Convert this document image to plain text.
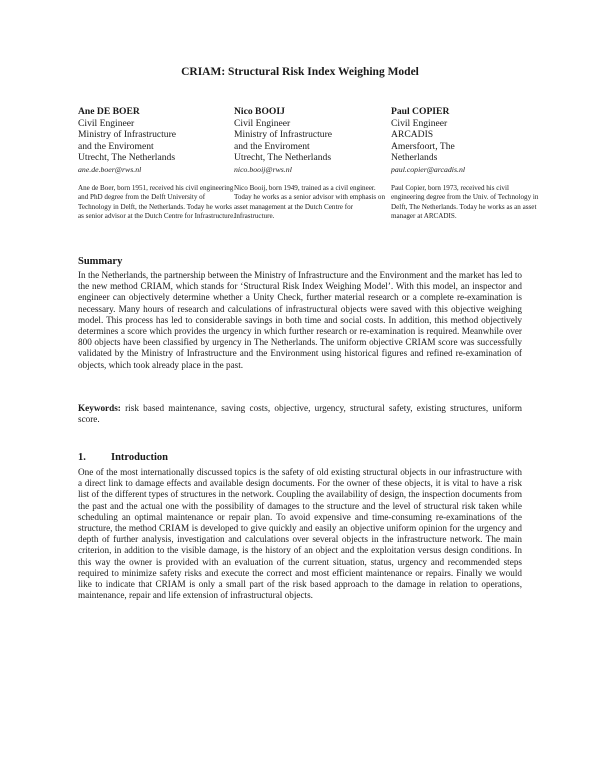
CRIAM: Structural Risk Index Weighing Model
Ane DE BOER
Civil Engineer
Ministry of Infrastructure
and the Enviroment
Utrecht, The Netherlands
ane.de.boer@rws.nl
Ane de Boer, born 1951, received his civil engineering and PhD degree from the Delft University of Technology in Delft, the Netherlands. Today he works as senior advisor at the Dutch Centre for Infrastructure.
Nico BOOIJ
Civil Engineer
Ministry of Infrastructure
and the Enviroment
Utrecht, The Netherlands
nico.booij@rws.nl
Nico Booij, born 1949, trained as a civil engineer. Today he works as a senior advisor with emphasis on asset management at the Dutch Centre for Infrastructure.
Paul COPIER
Civil Engineer
ARCADIS
Amersfoort, The
Netherlands
paul.copier@arcadis.nl
Paul Copier, born 1973, received his civil engineering degree from the Univ. of Technology in Delft, The Netherlands. Today he works as an asset manager at ARCADIS.
Summary

In the Netherlands, the partnership between the Ministry of Infrastructure and the Environment and the market has led to the new method CRIAM, which stands for ‘Structural Risk Index Weighing Model’. With this model, an inspector and engineer can objectively determine whether a Unity Check, further material research or a complete re-examination is necessary. Many hours of research and calculations of infrastructural objects were saved with this objective weighing model. This process has led to considerable savings in both time and social costs. In addition, this method objectively determines a score which provides the urgency in which further research or re-examination is required. Meanwhile over 800 objects have been classified by urgency in The Netherlands. The uniform objective CRIAM score was successfully validated by the Ministry of Infrastructure and the Environment using historical figures and refined re-examination of objects, which took already place in the past.

Keywords: risk based maintenance, saving costs, objective, urgency, structural safety, existing structures, uniform score.

1. Introduction

One of the most internationally discussed topics is the safety of old existing structural objects in our infrastructure with a direct link to damage effects and available design documents. For the owner of these objects, it is vital to have a risk list of the different types of structures in the network. Coupling the availability of design, the inspection documents from the past and the actual one with the possibility of damages to the structure and the level of structural risk taken while scheduling an optimal maintenance or repair plan. To avoid expensive and time-consuming re-examinations of the structure, the method CRIAM is developed to give quickly and easily an objective uniform opinion for the urgency and depth of further analysis, investigation and calculations over several objects in the infrastructure network. The main criterion, in addition to the visible damage, is the history of an object and the exploitation versus design conditions. In this way the owner is provided with an evaluation of the current situation, status, urgency and recommended steps required to minimize safety risks and execute the correct and most efficient maintenance or repairs. Finally we would like to indicate that CRIAM is only a small part of the risk based approach to the damage in relation to operations, maintenance, repair and life extension of infrastructural objects.
